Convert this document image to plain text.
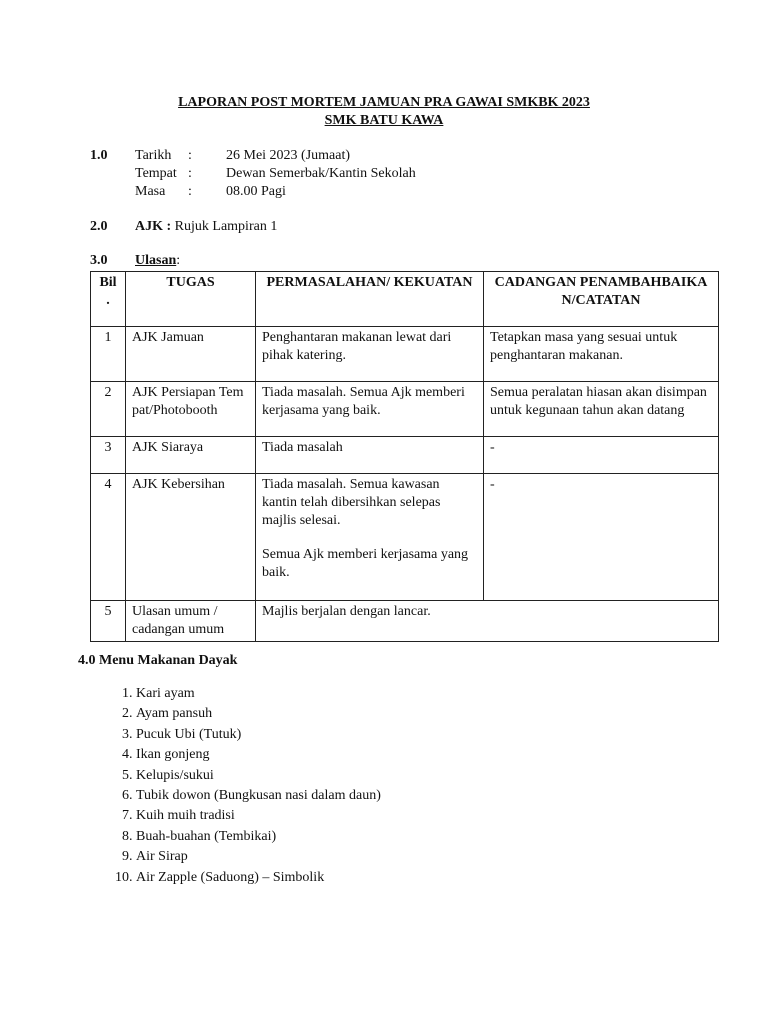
LAPORAN POST MORTEM JAMUAN PRA GAWAI SMKBK 2023
SMK BATU KAWA
1.0 Tarikh : 26 Mei 2023 (Jumaat)
Tempat : Dewan Semerbak/Kantin Sekolah
Masa : 08.00 Pagi
2.0 AJK : Rujuk Lampiran 1
3.0 Ulasan:
Bil .	TUGAS	PERMASALAHAN/ KEKUATAN	CADANGAN PENAMBAHBAIKAN/CATATAN
1	AJK Jamuan	Penghantaran makanan lewat dari pihak katering.	Tetapkan masa yang sesuai untuk penghantaran makanan.
2	AJK Persiapan Tempat/Photobooth	Tiada masalah. Semua Ajk memberi kerjasama yang baik.	Semua peralatan hiasan akan disimpan untuk kegunaan tahun akan datang
3	AJK Siaraya	Tiada masalah	-
4	AJK Kebersihan	Tiada masalah. Semua kawasan kantin telah dibersihkan selepas majlis selesai.
Semua Ajk memberi kerjasama yang baik.	-
5	Ulasan umum / cadangan umum	Majlis berjalan dengan lancar.	
4.0 Menu Makanan Dayak
1. Kari ayam
2. Ayam pansuh
3. Pucuk Ubi (Tutuk)
4. Ikan gonjeng
5. Kelupis/sukui
6. Tubik dowon (Bungkusan nasi dalam daun)
7. Kuih muih tradisi
8. Buah-buahan (Tembikai)
9. Air Sirap
10. Air Zapple (Saduong) – Simbolik
